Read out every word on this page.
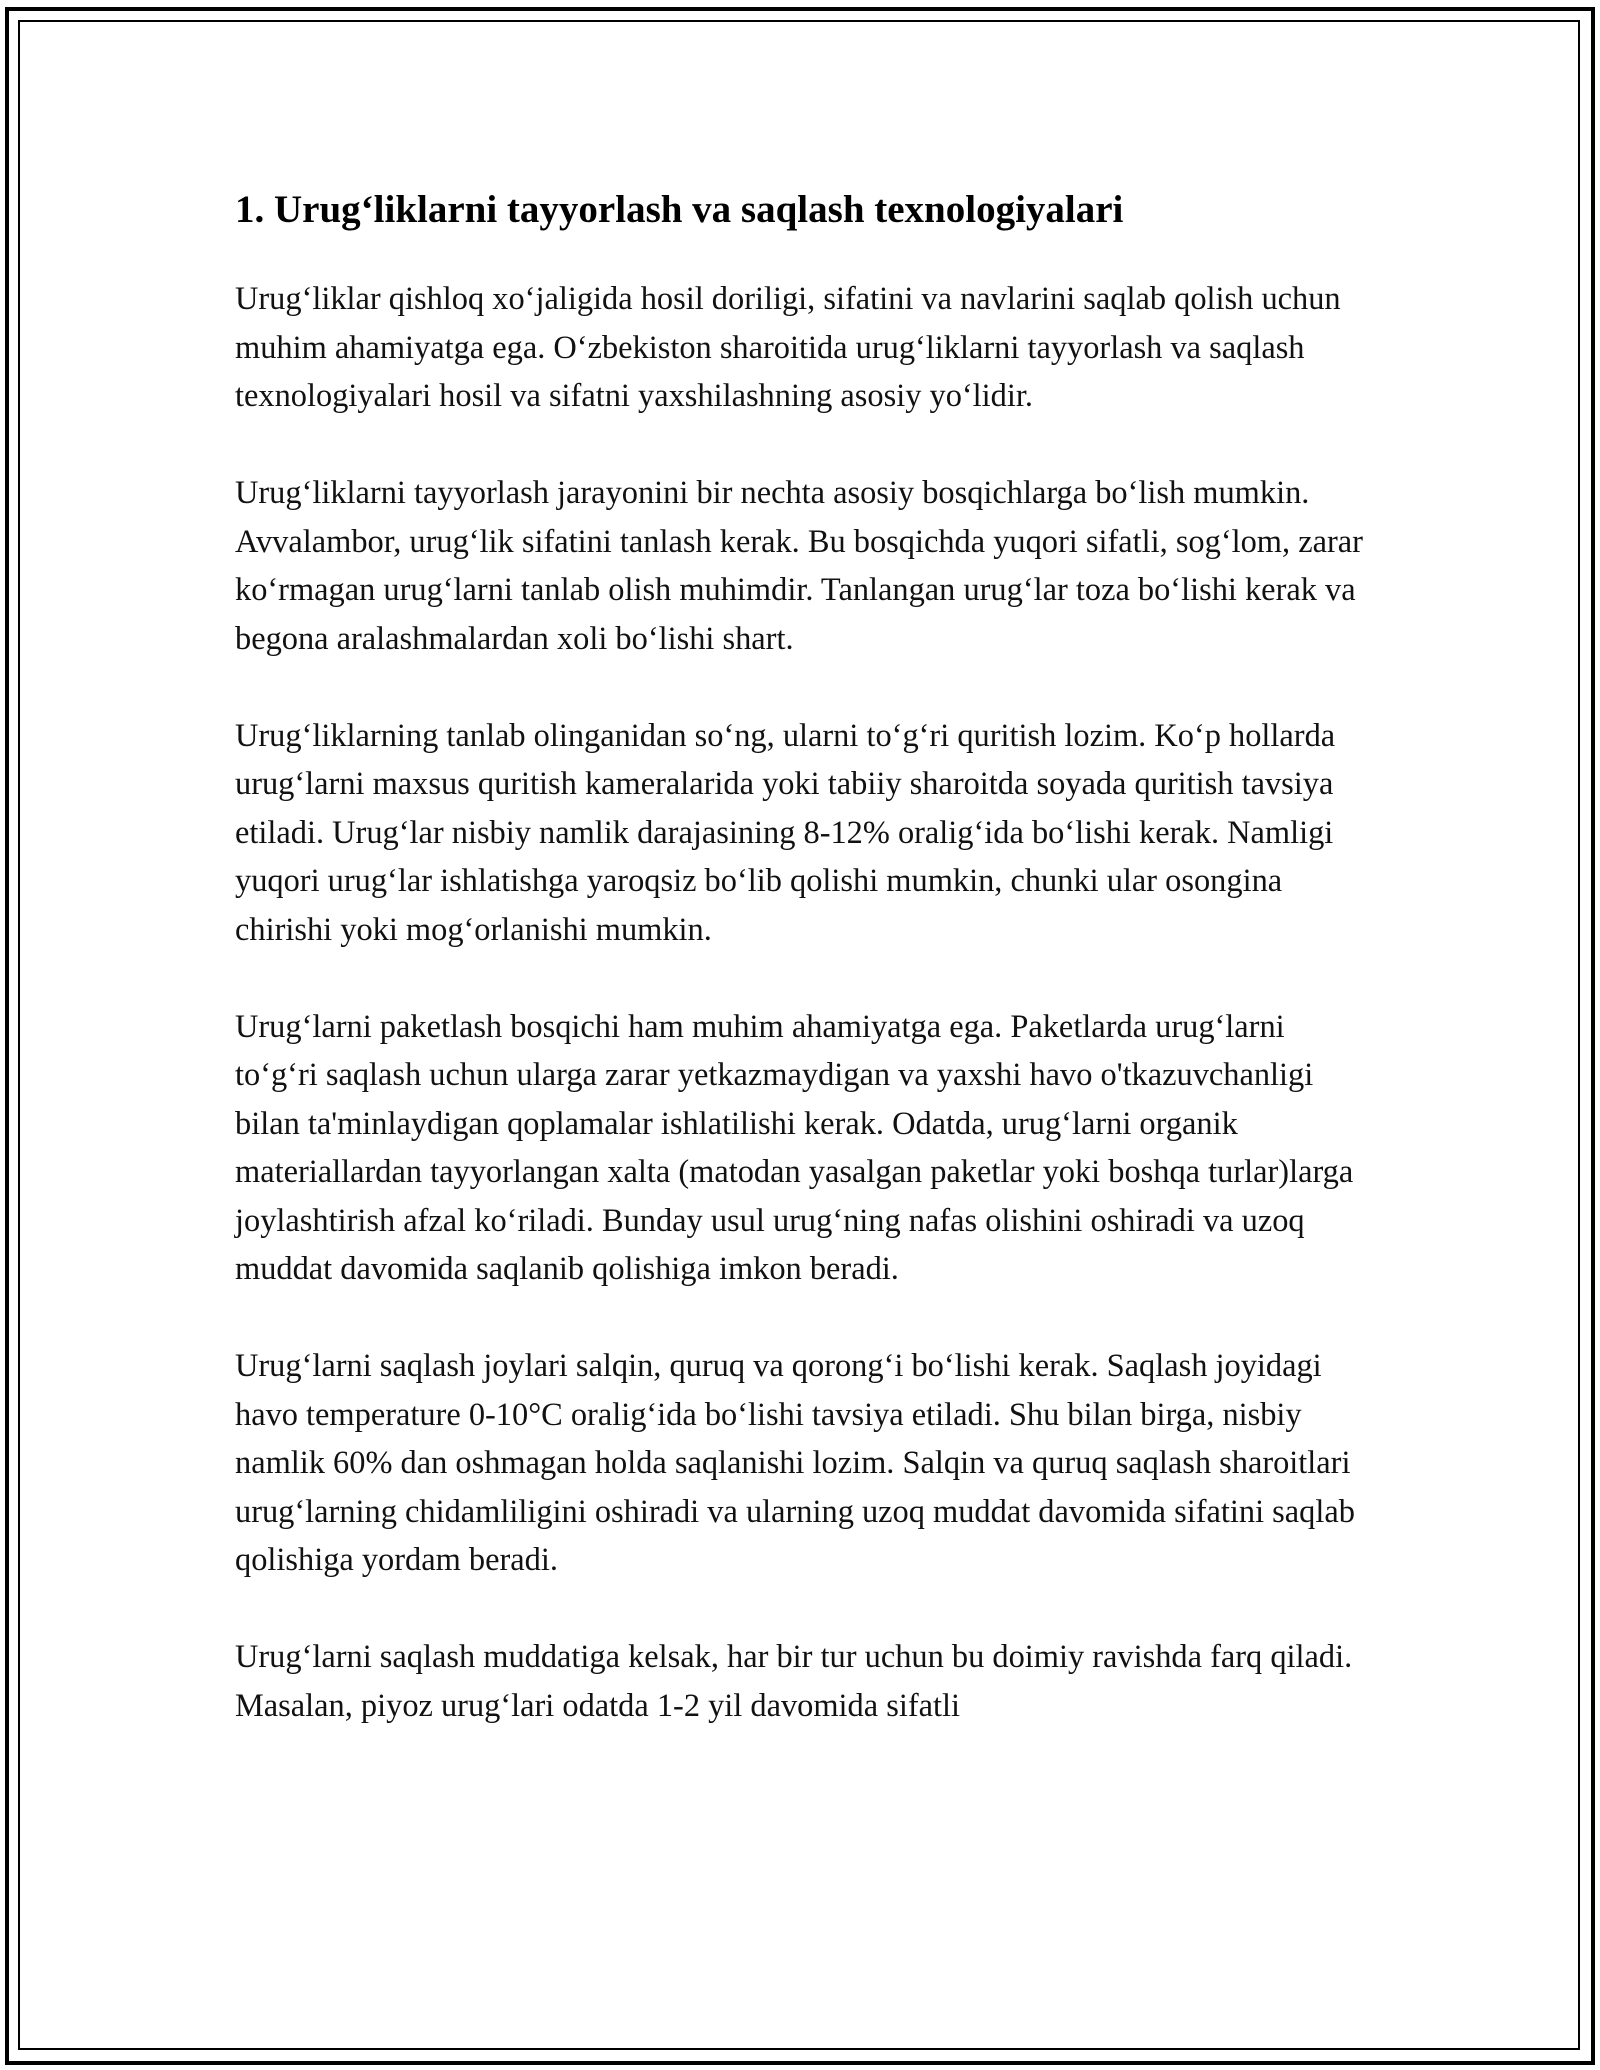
1. Urug‘liklarni tayyorlash va saqlash texnologiyalari

Urug‘liklar qishloq xo‘jaligida hosil doriligi, sifatini va navlarini saqlab qolish uchun muhim ahamiyatga ega. O‘zbekiston sharoitida urug‘liklarni tayyorlash va saqlash texnologiyalari hosil va sifatni yaxshilashning asosiy yo‘lidir.

Urug‘liklarni tayyorlash jarayonini bir nechta asosiy bosqichlarga bo‘lish mumkin. Avvalambor, urug‘lik sifatini tanlash kerak. Bu bosqichda yuqori sifatli, sog‘lom, zarar ko‘rmagan urug‘larni tanlab olish muhimdir. Tanlangan urug‘lar toza bo‘lishi kerak va begona aralashmalardan xoli bo‘lishi shart.

Urug‘liklarning tanlab olinganidan so‘ng, ularni to‘g‘ri quritish lozim. Ko‘p hollarda urug‘larni maxsus quritish kameralarida yoki tabiiy sharoitda soyada quritish tavsiya etiladi. Urug‘lar nisbiy namlik darajasining 8-12% oralig‘ida bo‘lishi kerak. Namligi yuqori urug‘lar ishlatishga yaroqsiz bo‘lib qolishi mumkin, chunki ular osongina chirishi yoki mog‘orlanishi mumkin.

Urug‘larni paketlash bosqichi ham muhim ahamiyatga ega. Paketlarda urug‘larni to‘g‘ri saqlash uchun ularga zarar yetkazmaydigan va yaxshi havo o'tkazuvchanligi bilan ta'minlaydigan qoplamalar ishlatilishi kerak. Odatda, urug‘larni organik materiallardan tayyorlangan xalta (matodan yasalgan paketlar yoki boshqa turlar)larga joylashtirish afzal ko‘riladi. Bunday usul urug‘ning nafas olishini oshiradi va uzoq muddat davomida saqlanib qolishiga imkon beradi.

Urug‘larni saqlash joylari salqin, quruq va qorong‘i bo‘lishi kerak. Saqlash joyidagi havo temperature 0-10°C oralig‘ida bo‘lishi tavsiya etiladi. Shu bilan birga, nisbiy namlik 60% dan oshmagan holda saqlanishi lozim. Salqin va quruq saqlash sharoitlari urug‘larning chidamliligini oshiradi va ularning uzoq muddat davomida sifatini saqlab qolishiga yordam beradi.

Urug‘larni saqlash muddatiga kelsak, har bir tur uchun bu doimiy ravishda farq qiladi. Masalan, piyoz urug‘lari odatda 1-2 yil davomida sifatli
